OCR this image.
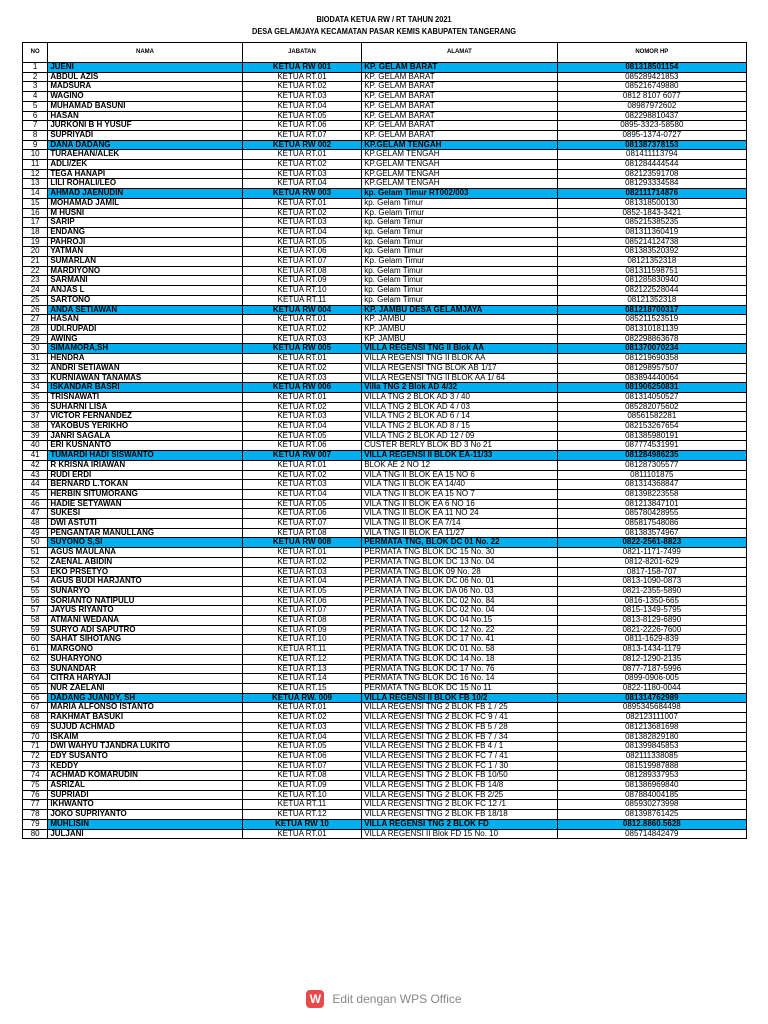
BIODATA KETUA RW / RT TAHUN 2021
DESA GELAMJAYA KECAMATAN PASAR KEMIS KABUPATEN TANGERANG
NO	NAMA	JABATAN	ALAMAT	NOMOR HP
1	JUENI	KETUA RW 001	KP. GELAM BARAT	081318501154
2	ABDUL AZIS	KETUA RT.01	KP. GELAM BARAT	085289421853
3	MADSURA	KETUA RT.02	KP. GELAM BARAT	085216749880
4	WAGINO	KETUA RT.03	KP. GELAM BARAT	0812 8107 6077
5	MUHAMAD BASUNI	KETUA RT.04	KP. GELAM BARAT	08987972602
6	HASAN	KETUA RT.05	KP. GELAM BARAT	082298810437
7	JURKONI B H YUSUF	KETUA RT.06	KP. GELAM BARAT	0895-3323-58580
8	SUPRIYADI	KETUA RT.07	KP. GELAM BARAT	0895-1374-0727
9	DANA DADANG	KETUA RW 002	KP.GELAM TENGAH	081387378153
10	TURAEHAN/ALEK	KETUA RT.01	KP.GELAM TENGAH	081411113794
11	ADLI/ZEK	KETUA RT.02	KP.GELAM TENGAH	081284444544
12	TEGA HANAPI	KETUA RT.03	KP.GELAM TENGAH	082123591708
13	LILI ROHALI/LEO	KETUA RT.04	KP.GELAM TENGAH	081293334584
14	AHMAD JAENUDIN	KETUA RW 003	kp. Gelam Timur RT002/003	082111714876
15	MOHAMAD JAMIL	KETUA RT.01	kp. Gelam Timur	081318500130
16	M HUSNI	KETUA RT.02	Kp. Gelam Timur	0852-1843-3421
17	SARIP	KETUA RT.03	kp. Gelam Timur	085215385235
18	ENDANG	KETUA RT.04	kp. Gelam Timur	081311360419
19	PAHROJI	KETUA RT.05	kp. Gelam Timur	085214124738
20	YATMAN	KETUA RT.06	kp. Gelam Timur	081383520392
21	SUMARLAN	KETUA RT.07	Kp. Gelam Timur	08121352318
22	MARDIYONO	KETUA RT.08	kp. Gelam Timur	081311598751
23	SARMANI	KETUA RT.09	kp. Gelam Timur	081285830940
24	ANJAS L	KETUA RT.10	kp. Gelam Timur	082122528044
25	SARTONO	KETUA RT.11	kp. Gelam Timur	08121352318
26	ANDA SETIAWAN	KETUA RW 004	KP. JAMBU DESA GELAMJAYA	081218700317
27	HASAN	KETUA RT.01	KP. JAMBU	085211523519
28	UDI.RUPADI	KETUA RT.02	KP. JAMBU	081310181139
29	AWING	KETUA RT.03	KP. JAMBU	082298863678
30	SIMAMORA,SH	KETUA RW 005	VILLA REGENSI TNG II Blok AA	081370070234
31	HENDRA	KETUA RT.01	VILLA REGENSI TNG II BLOK AA	081219690358
32	ANDRI SETIAWAN	KETUA RT.02	VILLA REGENSI TNG BLOK AB 1/17	081298957507
33	KURNIAWAN TANAMAS	KETUA RT.03	VILLA REGENSI TNG II BLOK AA 1/ 64	083894440064
34	ISKANDAR BASRI	KETUA RW 006	Villa TNG 2 Blok AD 4/32	081906250831
35	TRISNAWATI	KETUA RT.01	VILLA TNG 2 BLOK AD 3 / 40	081314050527
36	SUHARNI LISA	KETUA RT.02	VILLA TNG 2 BLOK AD 4 / 03	085282075602
37	VICTOR FERNANDEZ	KETUA RT.03	VILLA TNG 2 BLOK AD 6 / 14	08561582281
38	YAKOBUS YERIKHO	KETUA RT.04	VILLA TNG 2 BLOK AD 8 / 15	082153267654
39	JANRI SAGALA	KETUA RT.05	VILLA TNG 2 BLOK AD 12 / 09	081385980191
40	ERI KUSNANTO	KETUA RT.06	CUSTER BERLY BLOK BD 3 No 21	087774531991
41	TUMARDI HADI SISWANTO	KETUA RW 007	VILLA REGENSI II BLOK EA-11/33	081284986235
42	R KRISNA IRIAWAN	KETUA RT.01	BLOK AE 2 NO 12	081287305577
43	RUDI ERDI	KETUA RT.02	VILA TNG II BLOK EA 15 NO 6	0811101875
44	BERNARD L.TOKAN	KETUA RT.03	VILA TNG II BLOK EA 14/40	081314368847
45	HERBIN SITUMORANG	KETUA RT.04	VILA TNG II BLOK EA 15 NO 7	081398223558
46	HADIE SETYAWAN	KETUA RT.05	VILA TNG II BLOK EA 6 NO 16	081213847101
47	SUKESI	KETUA RT.06	VILA TNG II BLOK EA 11 NO 24	085780428955
48	DWI ASTUTI	KETUA RT.07	VILA TNG II BLOK EA 7/14	085817548086
49	PENGANTAR MANULLANG	KETUA RT.08	VILA TNG II BLOK EA 11/27	081383574967
50	SUYONO S,SI	KETUA RW 008	PERMATA TNG, BLOK DC 01 No. 22	0822-2561-8823
51	AGUS MAULANA	KETUA RT.01	PERMATA TNG BLOK DC 15 No. 30	0821-1171-7499
52	ZAENAL ABIDIN	KETUA RT.02	PERMATA TNG BLOK DC 13 No. 04	0812-8201-629
53	EKO PRSETYO	KETUA RT.03	PERMATA TNG BLOK 09 No. 28	0817-158-707
54	AGUS BUDI HARJANTO	KETUA RT.04	PERMATA TNG BLOK DC 06 No. 01	0813-1090-0873
55	SUNARYO	KETUA RT.05	PERMATA TNG BLOK DA 06 No. 03	0821-2355-5890
56	SORIANTO NATIPULU	KETUA RT.06	PERMATA TNG BLOK DC 02 No. 84	0816-1350-665
57	JAYUS RIYANTO	KETUA RT.07	PERMATA TNG BLOK DC 02 No. 04	0815-1349-5795
58	ATMANI WEDANA	KETUA RT.08	PERMATA TNG BLOK DC 04 No.15	0813-8129-6890
59	SURYO ADI SAPUTRO	KETUA RT.09	PERMATA TNG BLOK DC 12 No. 22	0821-2226-7600
60	SAHAT SIHOTANG	KETUA RT.10	PERMATA TNG BLOK DC 17 No. 41	0811-1629-839
61	MARGONO	KETUA RT.11	PERMATA TNG BLOK DC 01 No. 58	0813-1434-1179
62	SUHARYONO	KETUA RT.12	PERMATA TNG BLOK DC 14 No. 18	0812-1290-2135
63	SUNANDAR	KETUA RT.13	PERMATA TNG BLOK DC 17 No. 76	0877-7187-5996
64	CITRA HARYAJI	KETUA RT.14	PERMATA TNG BLOK DC 16 No. 14	0899-0906-005
65	NUR ZAELANI	KETUA RT.15	PERMATA TNG BLOK DC 15 No 11	0822-1180-0044
66	DADANG JUANDY, SH	KETUA RW. 009	VILLA REGENSI II BLOK FB 10/2	081314762989
67	MARIA ALFONSO ISTANTO	KETUA RT.01	VILLA REGENSI TNG 2 BLOK FB 1 / 25	0895345684498
68	RAKHMAT BASUKI	KETUA RT.02	VILLA REGENSI TNG 2 BLOK FC 9 / 41	082123111007
69	SUJUD ACHMAD	KETUA RT.03	VILLA REGENSI TNG 2 BLOK FB 5 / 28	081213681698
70	ISKAIM	KETUA RT.04	VILLA REGENSI TNG 2 BLOK FB 7 / 34	081382829180
71	DWI WAHYU TJANDRA LUKITO	KETUA RT.05	VILLA REGENSI TNG 2 BLOK FB 4 / 1	081399845853
72	EDY SUSANTO	KETUA RT.06	VILLA REGENSI TNG 2 BLOK FC 7 / 41	082111338085
73	KEDDY	KETUA RT.07	VILLA REGENSI TNG 2 BLOK FC 1 / 30	081519987888
74	ACHMAD KOMARUDIN	KETUA RT.08	VILLA REGENSI TNG 2 BLOK FB 10/50	081289337953
75	ASRIZAL	KETUA RT.09	VILLA REGENSI TNG 2 BLOK FB 14/8	081386969840
76	SUPRIADI	KETUA RT.10	VILLA REGENSI TNG 2 BLOK FB 2/25	087884004185
77	IKHWANTO	KETUA RT.11	VILLA REGENSI TNG 2 BLOK FC 12 /1	085930273998
78	JOKO SUPRIYANTO	KETUA RT.12	VILLA REGENSI TNG 2 BLOK FB 18/18	081398761425
79	MUHLISIN	KETUA RW 10	VILLA REGENSI TNG 2 BLOK FD	0812.8860.5628
80	JULJANI	KETUA RT.01	VILLA REGENSI II Blok FD 15 No. 10	085714842479
W Edit dengan WPS Office
